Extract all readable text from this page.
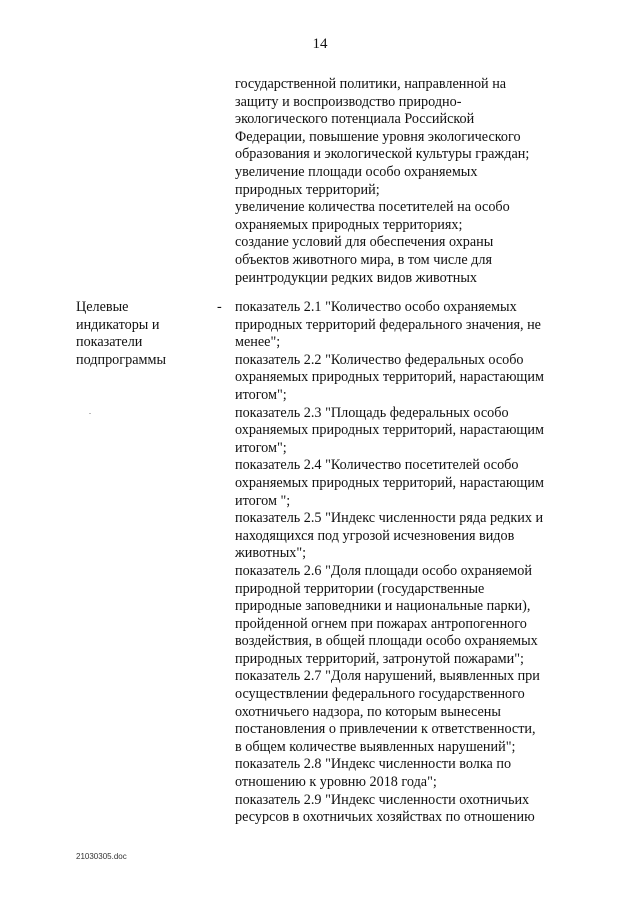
14
государственной политики, направленной на
защиту и воспроизводство природно-
экологического потенциала Российской
Федерации, повышение уровня экологического
образования и экологической культуры граждан;
увеличение площади особо охраняемых
природных территорий;
увеличение количества посетителей на особо
охраняемых природных территориях;
создание условий для обеспечения охраны
объектов животного мира, в том числе для
реинтродукции редких видов животных
Целевые
индикаторы и
показатели
подпрограммы
- показатель 2.1 "Количество особо охраняемых
природных территорий федерального значения, не
менее";
показатель 2.2 "Количество федеральных особо
охраняемых природных территорий, нарастающим
итогом";
показатель 2.3 "Площадь федеральных особо
охраняемых природных территорий, нарастающим
итогом";
показатель 2.4 "Количество посетителей особо
охраняемых природных территорий, нарастающим
итогом ";
показатель 2.5 "Индекс численности ряда редких и
находящихся под угрозой исчезновения видов
животных";
показатель 2.6 "Доля площади особо охраняемой
природной территории (государственные
природные заповедники и национальные парки),
пройденной огнем при пожарах антропогенного
воздействия, в общей площади особо охраняемых
природных территорий, затронутой пожарами";
показатель 2.7 "Доля нарушений, выявленных при
осуществлении федерального государственного
охотничьего надзора, по которым вынесены
постановления о привлечении к ответственности,
в общем количестве выявленных нарушений";
показатель 2.8 "Индекс численности волка по
отношению к уровню 2018 года";
показатель 2.9 "Индекс численности охотничьих
ресурсов в охотничьих хозяйствах по отношению
21030305.doc
